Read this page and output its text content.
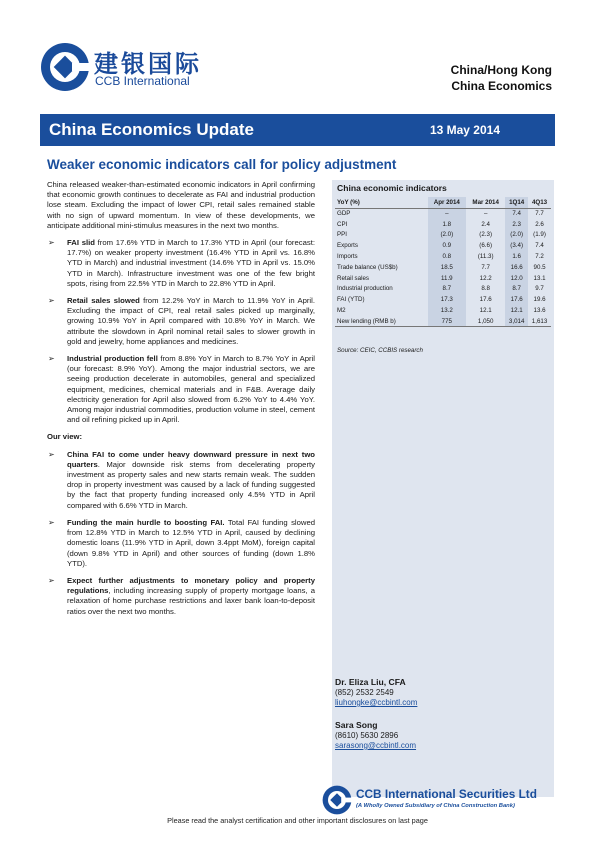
建银国际
CCB International
China/Hong Kong
China Economics
China Economics Update	13 May 2014
Weaker economic indicators call for policy adjustment

China released weaker-than-estimated economic indicators in April confirming that economic growth continues to decelerate as FAI and industrial production lose steam. Excluding the impact of lower CPI, retail sales remained stable with no sign of upward momentum. In view of these developments, we anticipate additional mini-stimulus measures in the next two months.

➢ FAI slid from 17.6% YTD in March to 17.3% YTD in April (our forecast: 17.7%) on weaker property investment (16.4% YTD in April vs. 16.8% YTD in March) and industrial investment (14.6% YTD in April vs. 15.0% YTD in March). Infrastructure investment was one of the few bright spots, rising from 22.5% YTD in March to 22.8% YTD in April.
➢ Retail sales slowed from 12.2% YoY in March to 11.9% YoY in April. Excluding the impact of CPI, real retail sales picked up marginally, growing 10.9% YoY in April compared with 10.8% YoY in March. We attribute the slowdown in April nominal retail sales to slower growth in gold and jewelry, home appliances and medicines.
➢ Industrial production fell from 8.8% YoY in March to 8.7% YoY in April (our forecast: 8.9% YoY). Among the major industrial sectors, we are seeing production decelerate in automobiles, general and specialized equipment, medicines, chemical materials and in F&B. Average daily electricity generation for April also slowed from 6.2% YoY to 4.4% YoY. Among major industrial commodities, production volume in steel, cement and oil refining picked up in April.
Our view:
➢ China FAI to come under heavy downward pressure in next two quarters. Major downside risk stems from decelerating property investment as property sales and new starts remain weak. The sudden drop in property investment was caused by a lack of funding suggested by the fact that property funding increased only 4.5% YTD in April compared with 6.6% YTD in March.
➢ Funding the main hurdle to boosting FAI. Total FAI funding slowed from 12.8% YTD in March to 12.5% YTD in April, caused by declining domestic loans (11.9% YTD in April, down 3.4ppt MoM), foreign capital (down 9.8% YTD in April) and other sources of funding (down 1.8% YTD).
➢ Expect further adjustments to monetary policy and property regulations, including increasing supply of property mortgage loans, a relaxation of home purchase restrictions and laxer bank loan-to-deposit ratios over the next two months.
China economic indicators
YoY (%)	Apr 2014	Mar 2014	1Q14	4Q13
GDP	–	–	7.4	7.7
CPI	1.8	2.4	2.3	2.6
PPI	(2.0)	(2.3)	(2.0)	(1.9)
Exports	0.9	(6.6)	(3.4)	7.4
Imports	0.8	(11.3)	1.6	7.2
Trade balance (US$b)	18.5	7.7	16.6	90.5
Retail sales	11.9	12.2	12.0	13.1
Industrial production	8.7	8.8	8.7	9.7
FAI (YTD)	17.3	17.6	17.6	19.6
M2	13.2	12.1	12.1	13.6
New lending (RMB b)	775	1,050	3,014	1,613
Source: CEIC, CCBIS research
Dr. Eliza Liu, CFA
(852) 2532 2549
liuhongke@ccbintl.com
Sara Song
(8610) 5630 2896
sarasong@ccbintl.com
CCB International Securities Ltd
(A Wholly Owned Subsidiary of China Construction Bank)
Please read the analyst certification and other important disclosures on last page
